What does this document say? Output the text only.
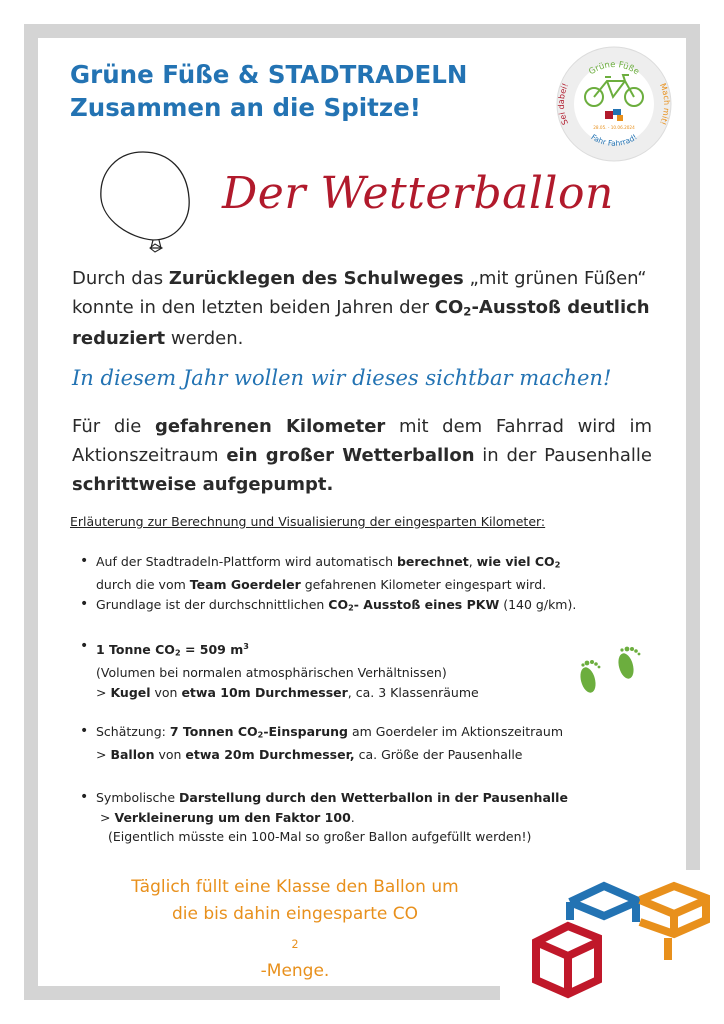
Grüne Füße & STADTRADELN
Zusammen an die Spitze!
Grüne Füße
Sei dabei!	Mach mit!
Fahr Fahrrad!
28.05. - 10.06.2024
Der Wetterballon

Durch das Zurücklegen des Schulweges „mit grünen Füßen“ konnte in den letzten beiden Jahren der $CO_2$-Ausstoß deutlich reduziert werden.

In diesem Jahr wollen wir dieses sichtbar machen!

Für die gefahrenen Kilometer mit dem Fahrrad wird im Aktionszeitraum ein großer Wetterballon in der Pausenhalle schrittweise aufgepumpt.

Erläuterung zur Berechnung und Visualisierung der eingesparten Kilometer:
• Auf der Stadtradeln-Plattform wird automatisch berechnet, wie viel $CO_2$
durch die vom Team Goerdeler gefahrenen Kilometer eingespart wird.
• Grundlage ist der durchschnittlichen $CO_2-$ Ausstoß eines PKW (140 g/km).
• 1 Tonne $CO_2 = 509$ $m^3$
(Volumen bei normalen atmosphärischen Verhältnissen)
> Kugel von etwa 10m Durchmesser, ca. 3 Klassenräume
• Schätzung: 7 Tonnen $CO_2$-Einsparung am Goerdeler im Aktionszeitraum
> Ballon von etwa 20m Durchmesser, ca. Größe der Pausenhalle
• Symbolische Darstellung durch den Wetterballon in der Pausenhalle
> Verkleinerung um den Faktor 100.
(Eigentlich müsste ein 100-Mal so großer Ballon aufgefüllt werden!)
Täglich füllt eine Klasse den Ballon um
die bis dahin eingesparte CO
$_2$
-Menge.
